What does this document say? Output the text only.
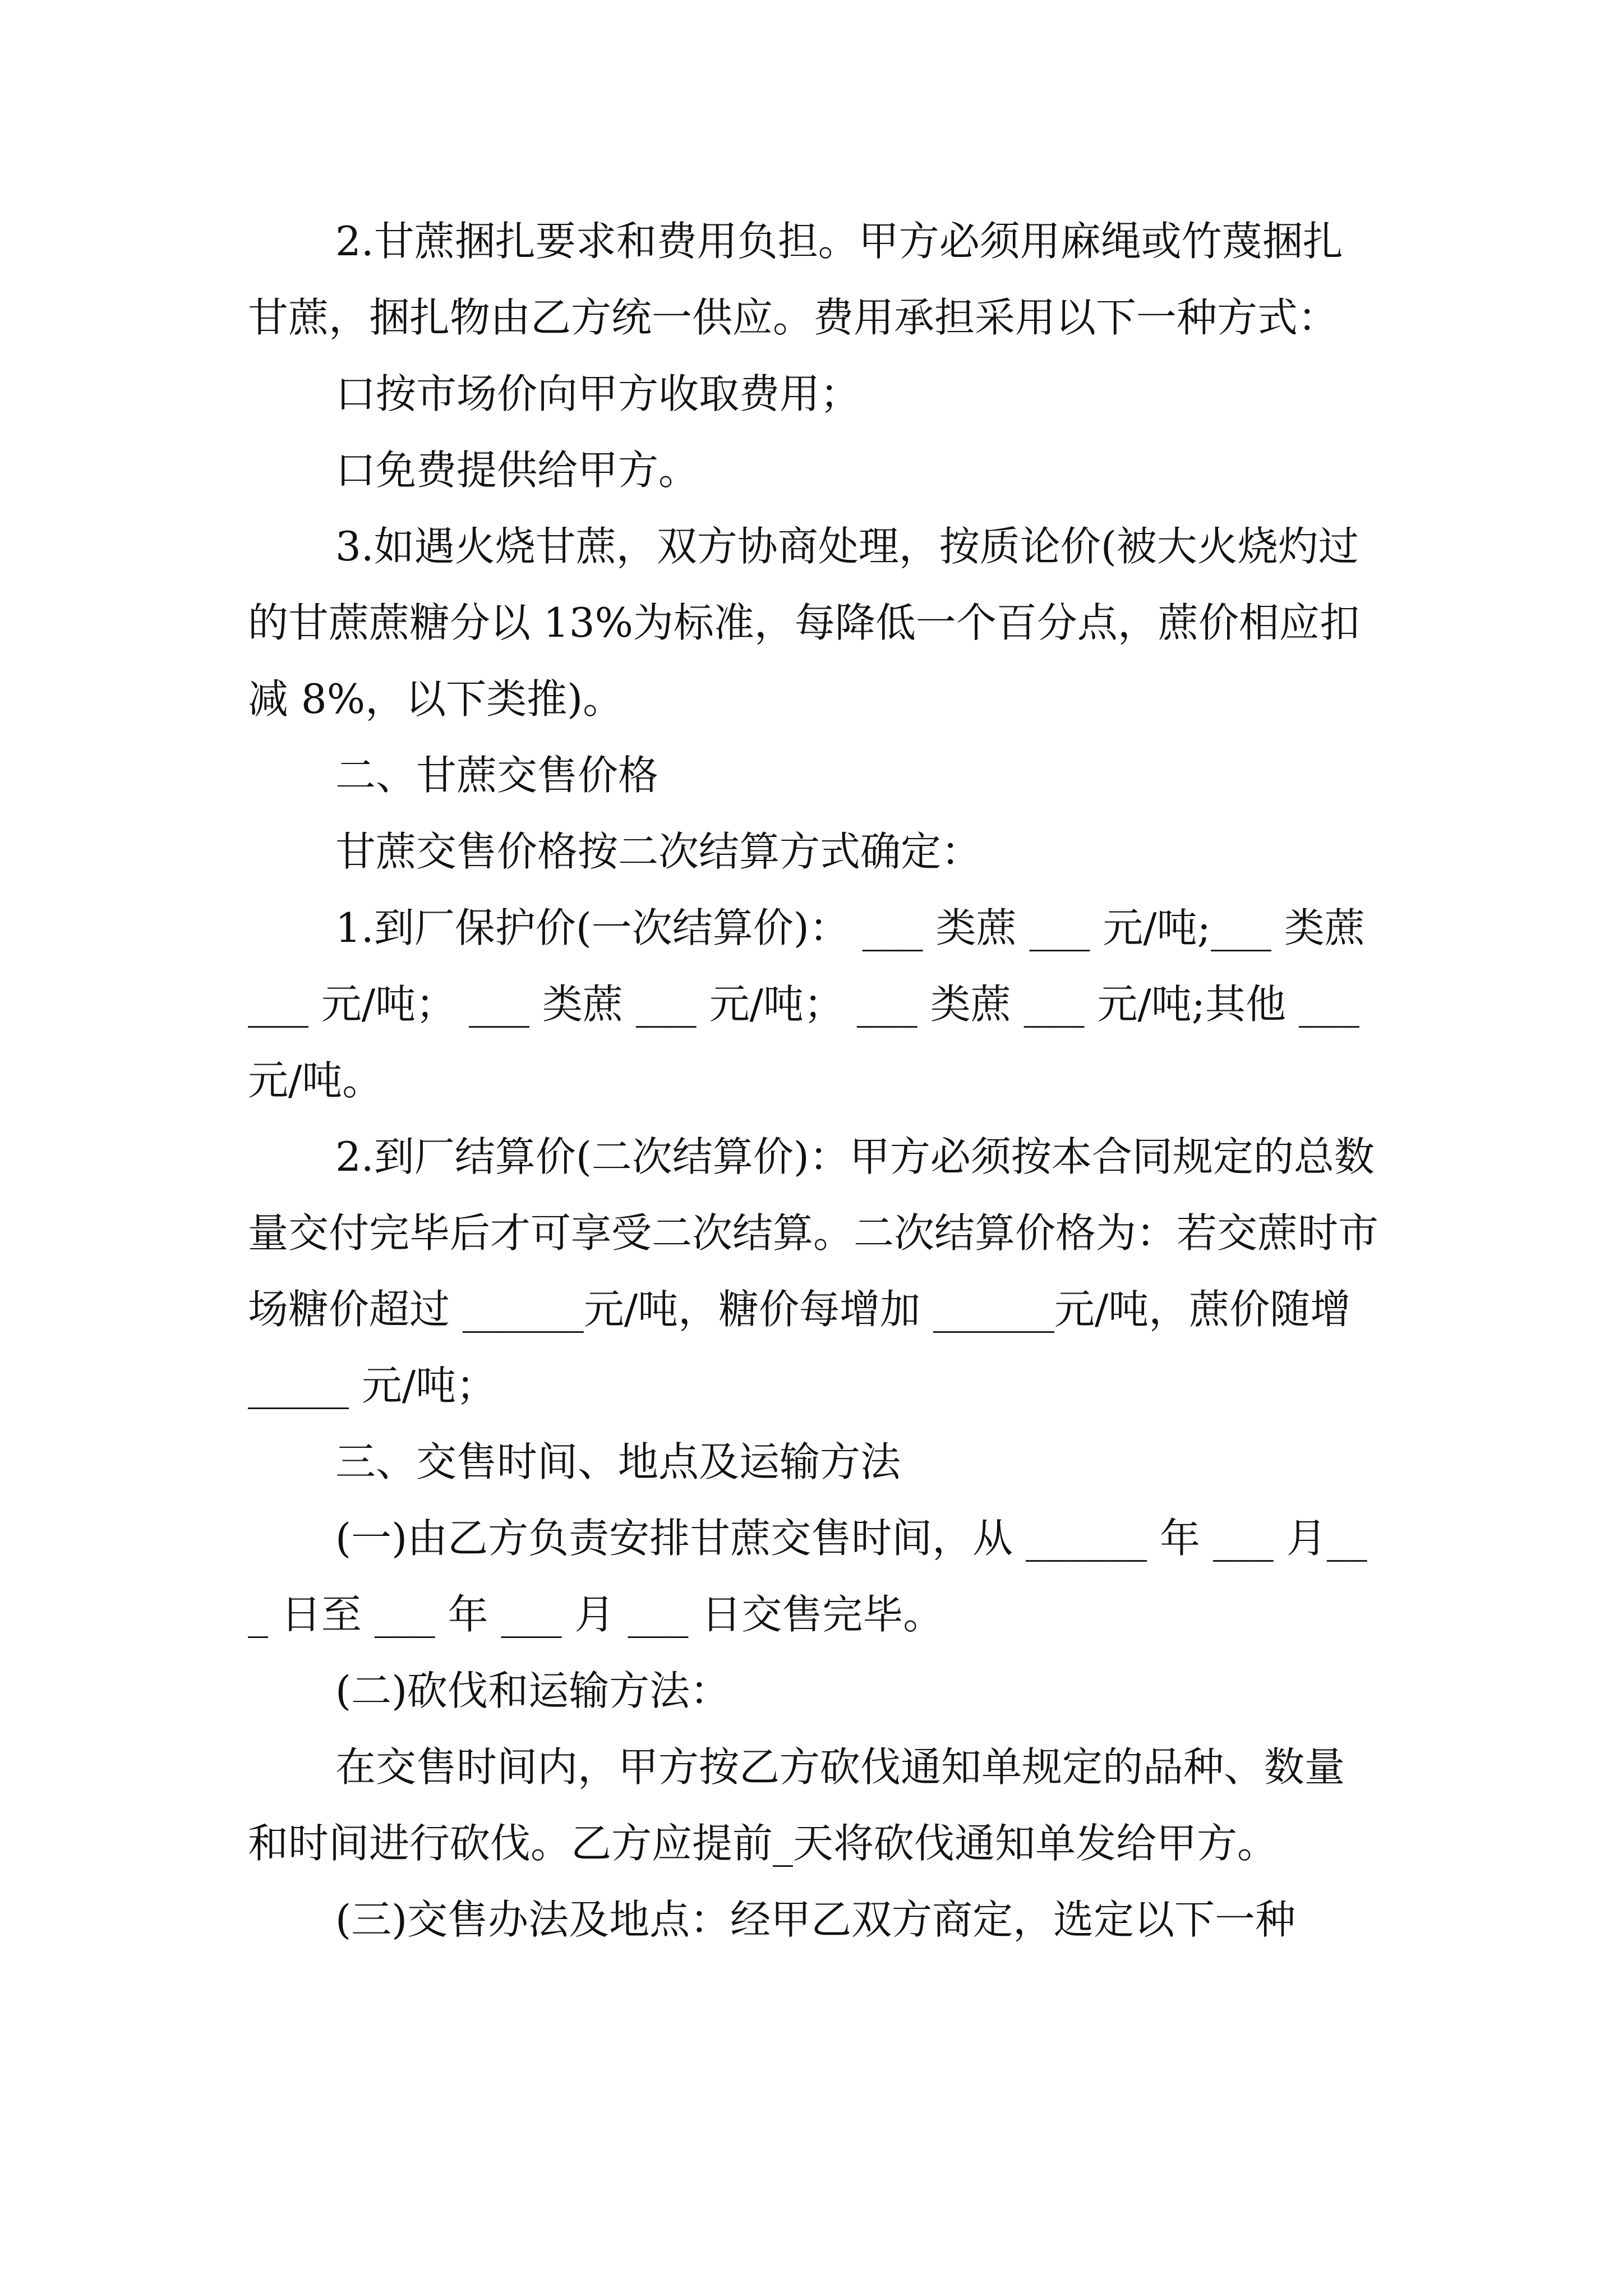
2.甘蔗捆扎要求和费用负担。甲方必须用麻绳或竹蔑捆扎甘蔗，捆扎物由乙方统一供应。费用承担采用以下一种方式：

口按市场价向甲方收取费用；

口免费提供给甲方。

3.如遇火烧甘蔗，双方协商处理，按质论价(被大火烧灼过的甘蔗蔗糖分以 13%为标准，每降低一个百分点，蔗价相应扣减 8%，以下类推)。

二、甘蔗交售价格

甘蔗交售价格按二次结算方式确定：

1.到厂保护价(一次结算价)： ___ 类蔗 ___ 元/吨;___ 类蔗 ___ 元/吨； ___ 类蔗 ___ 元/吨； ___ 类蔗 ___ 元/吨;其他 ___ 元/吨。

2.到厂结算价(二次结算价)：甲方必须按本合同规定的总数量交付完毕后才可享受二次结算。二次结算价格为：若交蔗时市场糖价超过 ______元/吨，糖价每增加 ______元/吨，蔗价随增 _____ 元/吨；

三、交售时间、地点及运输方法

(一)由乙方负责安排甘蔗交售时间，从 ______ 年 ___ 月___ 日至 ___ 年 ___ 月 ___ 日交售完毕。

(二)砍伐和运输方法：

在交售时间内，甲方按乙方砍伐通知单规定的品种、数量和时间进行砍伐。乙方应提前_天将砍伐通知单发给甲方。

(三)交售办法及地点：经甲乙双方商定，选定以下一种
